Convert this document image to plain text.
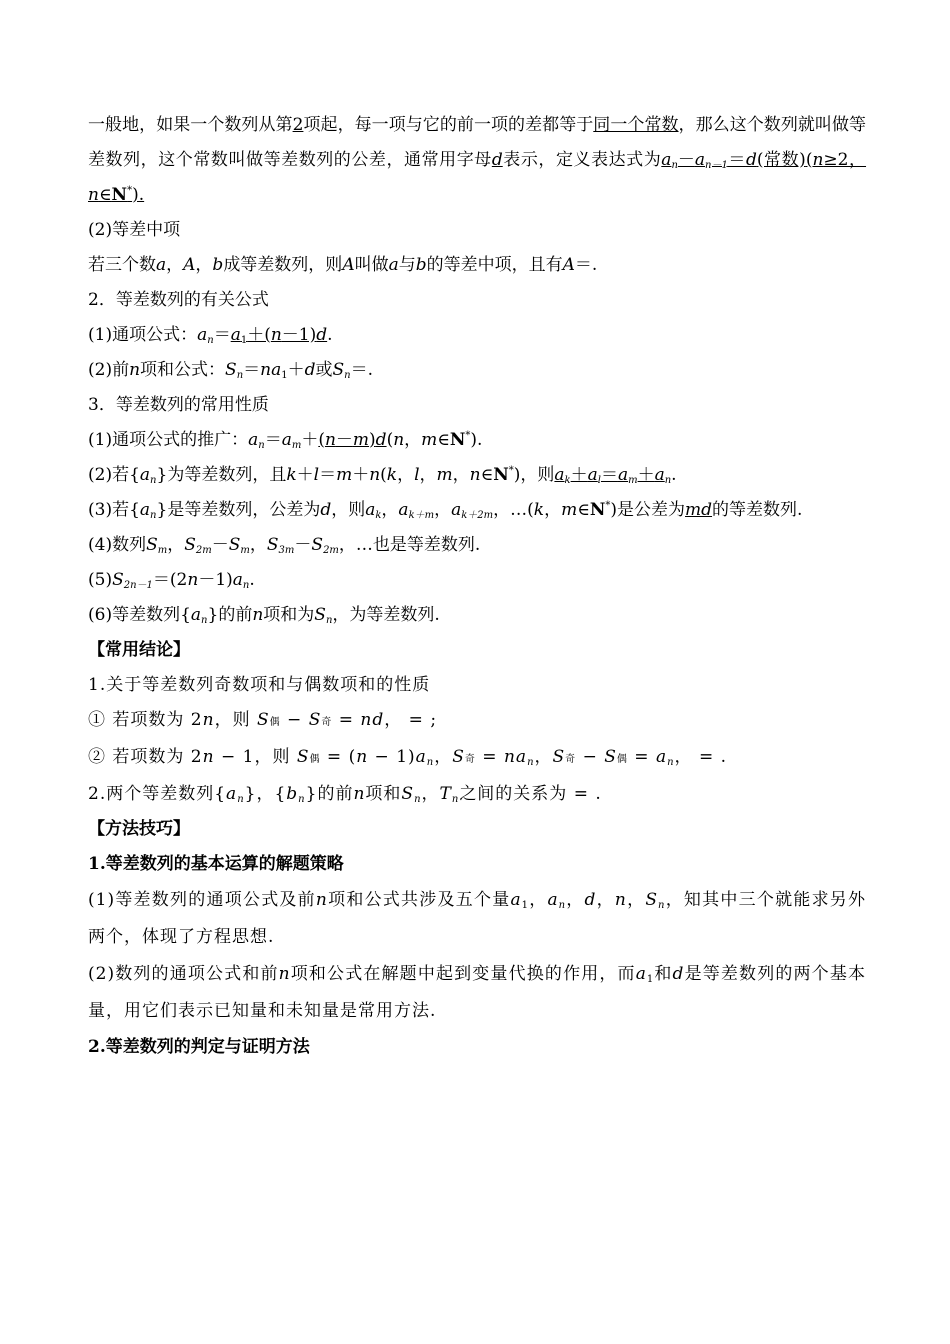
一般地，如果一个数列从第2项起，每一项与它的前一项的差都等于同一个常数，那么这个数列就叫做等差数列，这个常数叫做等差数列的公差，通常用字母d表示，定义表达式为$a_n-a_{n-1}=d$(常数)(n≥2，n∈N*).
(2)等差中项
若三个数a，A，b成等差数列，则A叫做a与b的等差中项，且有A＝.
2．等差数列的有关公式
(1)通项公式：$a_n=a_1+(n-1)d$.
(2)前n项和公式：$S_n=na_1+d$或$S_n=$.
3．等差数列的常用性质
(1)通项公式的推广：$a_n=a_m+(n-m)d(n$，m∈N*).
(2)若$\{a_n\}$为等差数列，且k＋l＝m＋n(k，l，m，n∈N*)，则$a_k+a_l=a_m+a_n$.
(3)若$\{a_n\}$是等差数列，公差为d，则$a_k$，$a_{k+m}$，$a_{k+2m}$，…(k，m∈N*)是公差为md的等差数列.
(4)数列$S_m$，$S_{2m}-S_m$，$S_{3m}-S_{2m}$，…也是等差数列.
$(5)S_{2n-1}=(2n-1)a_n$.
(6)等差数列$\{a_n\}$的前n项和为$S_n$，为等差数列.
【常用结论】
1.关于等差数列奇数项和与偶数项和的性质
① 若项数为 2n，则 S偶 − S奇 = nd， = ;
② 若项数为 2n − 1，则 S偶 = $(n - 1)a_n$，S奇 = $na_n$，S奇 − S偶 = $a_n$， = .
2.两个等差数列$\{a_n\}$，$\{b_n\}$的前n项和$S_n$，$T_n$之间的关系为 = .
【方法技巧】
1.等差数列的基本运算的解题策略
(1)等差数列的通项公式及前n项和公式共涉及五个量$a_1$，$a_n$，d，n，$S_n$，知其中三个就能求另外两个，体现了方程思想.
(2)数列的通项公式和前n项和公式在解题中起到变量代换的作用，而$a_1$和d是等差数列的两个基本量，用它们表示已知量和未知量是常用方法.
2.等差数列的判定与证明方法
